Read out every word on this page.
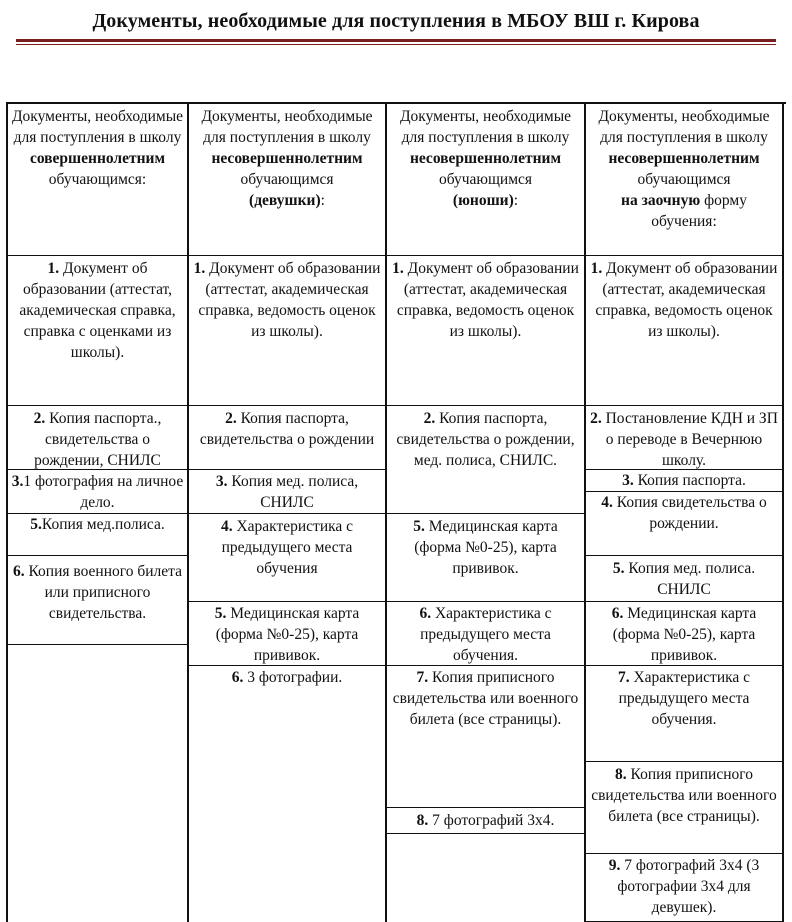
Документы, необходимые для поступления в МБОУ ВШ г. Кирова
Документы, необходимые для поступления в школу
совершеннолетним
обучающимся:
1. Документ об образовании (аттестат, академическая справка, справка с оценками из школы).
2. Копия паспорта., свидетельства о рождении, СНИЛС
3.1 фотография на личное дело.
5.Копия мед.полиса.
6. Копия военного билета или приписного свидетельства.
Документы, необходимые для поступления в школу
несовершеннолетним
обучающимся
(девушки):
1. Документ об образовании (аттестат, академическая справка, ведомость оценок из школы).
2. Копия паспорта, свидетельства о рождении
3. Копия мед. полиса, СНИЛС
4. Характеристика с предыдущего места обучения
5. Медицинская карта (форма №0-25), карта прививок.
6. 3 фотографии.
Документы, необходимые для поступления в школу
несовершеннолетним
обучающимся
(юноши):
1. Документ об образовании (аттестат, академическая справка, ведомость оценок из школы).
2. Копия паспорта, свидетельства о рождении, мед. полиса, СНИЛС.
5. Медицинская карта (форма №0-25), карта прививок.
6. Характеристика с предыдущего места обучения.
7. Копия приписного свидетельства или военного билета (все страницы).
8. 7 фотографий 3х4.
Документы, необходимые для поступления в школу
несовершеннолетним
обучающимся
на заочную форму обучения:
1. Документ об образовании (аттестат, академическая справка, ведомость оценок из школы).
2. Постановление КДН и ЗП о переводе в Вечернюю школу.
3. Копия паспорта.
4. Копия свидетельства о рождении.
5. Копия мед. полиса. СНИЛС
6. Медицинская карта (форма №0-25), карта прививок.
7. Характеристика с предыдущего места обучения.
8. Копия приписного свидетельства или военного билета (все страницы).
9. 7 фотографий 3х4 (3 фотографии 3х4 для девушек).
